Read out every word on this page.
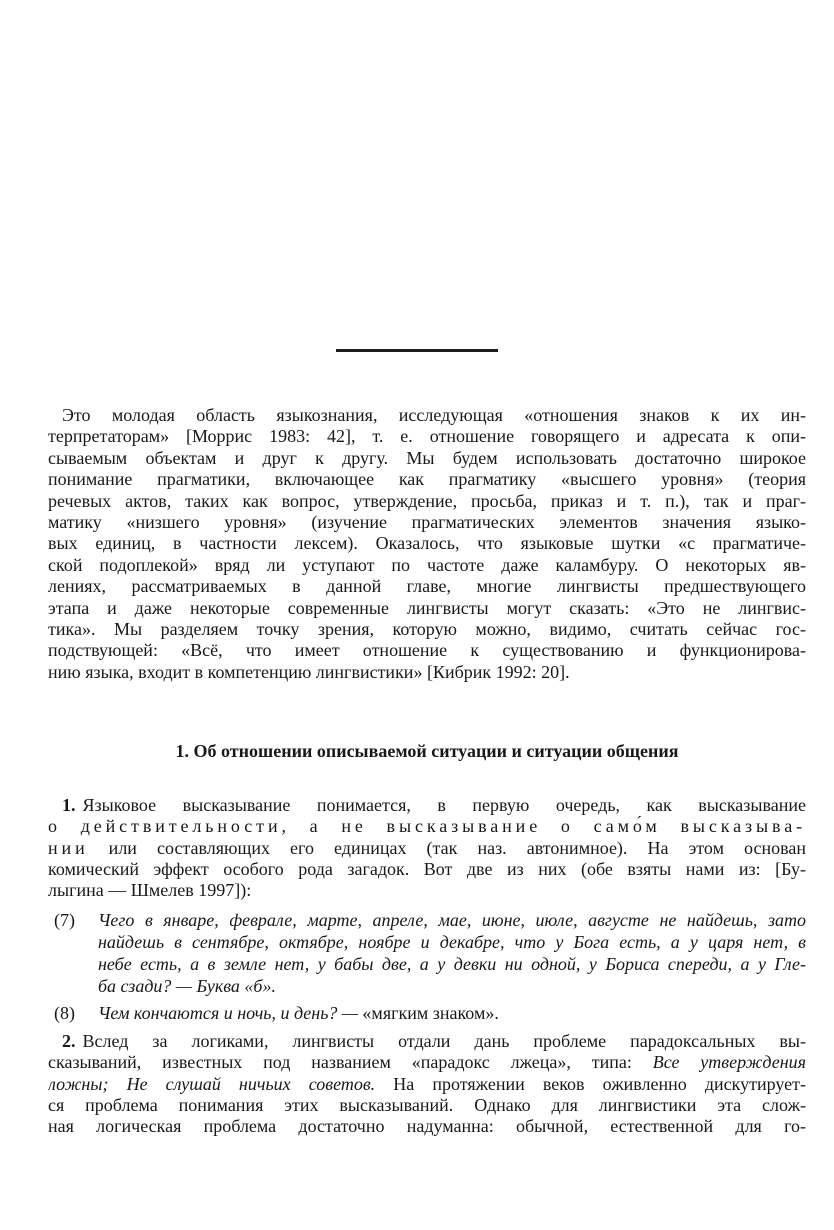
Это молодая область языкознания, исследующая «отношения знаков к их ин-
терпретаторам» [Моррис 1983: 42], т. е. отношение говорящего и адресата к опи-
сываемым объектам и друг к другу. Мы будем использовать достаточно широкое
понимание прагматики, включающее как прагматику «высшего уровня» (теория
речевых актов, таких как вопрос, утверждение, просьба, приказ и т. п.), так и праг-
матику «низшего уровня» (изучение прагматических элементов значения языко-
вых единиц, в частности лексем). Оказалось, что языковые шутки «с прагматиче-
ской подоплекой» вряд ли уступают по частоте даже каламбуру. О некоторых яв-
лениях, рассматриваемых в данной главе, многие лингвисты предшествующего
этапа и даже некоторые современные лингвисты могут сказать: «Это не лингвис-
тика». Мы разделяем точку зрения, которую можно, видимо, считать сейчас гос-
подствующей: «Всё, что имеет отношение к существованию и функционирова-
нию языка, входит в компетенцию лингвистики» [Кибрик 1992: 20].

1. Об отношении описываемой ситуации и ситуации общения
1. Языковое высказывание понимается, в первую очередь, как высказывание
о действительности, а не высказывание о само́м высказыва-
нии или составляющих его единицах (так наз. автонимное). На этом основан
комический эффект особого рода загадок. Вот две из них (обе взяты нами из: [Бу-
лыгина — Шмелев 1997]):
(7)	Чего в январе, феврале, марте, апреле, мае, июне, июле, августе не найдешь, зато
найдешь в сентябре, октябре, ноябре и декабре, что у Бога есть, а у царя нет, в
небе есть, а в земле нет, у бабы две, а у девки ни одной, у Бориса спереди, а у Гле-
ба сзади? — Буква «б».
(8)	Чем кончаются и ночь, и день? — «мягким знаком».
2. Вслед за логиками, лингвисты отдали дань проблеме парадоксальных вы-
сказываний, известных под названием «парадокс лжеца», типа: Все утверждения
ложны; Не слушай ничьих советов. На протяжении веков оживленно дискутирует-
ся проблема понимания этих высказываний. Однако для лингвистики эта слож-
ная логическая проблема достаточно надуманна: обычной, естественной для го-
